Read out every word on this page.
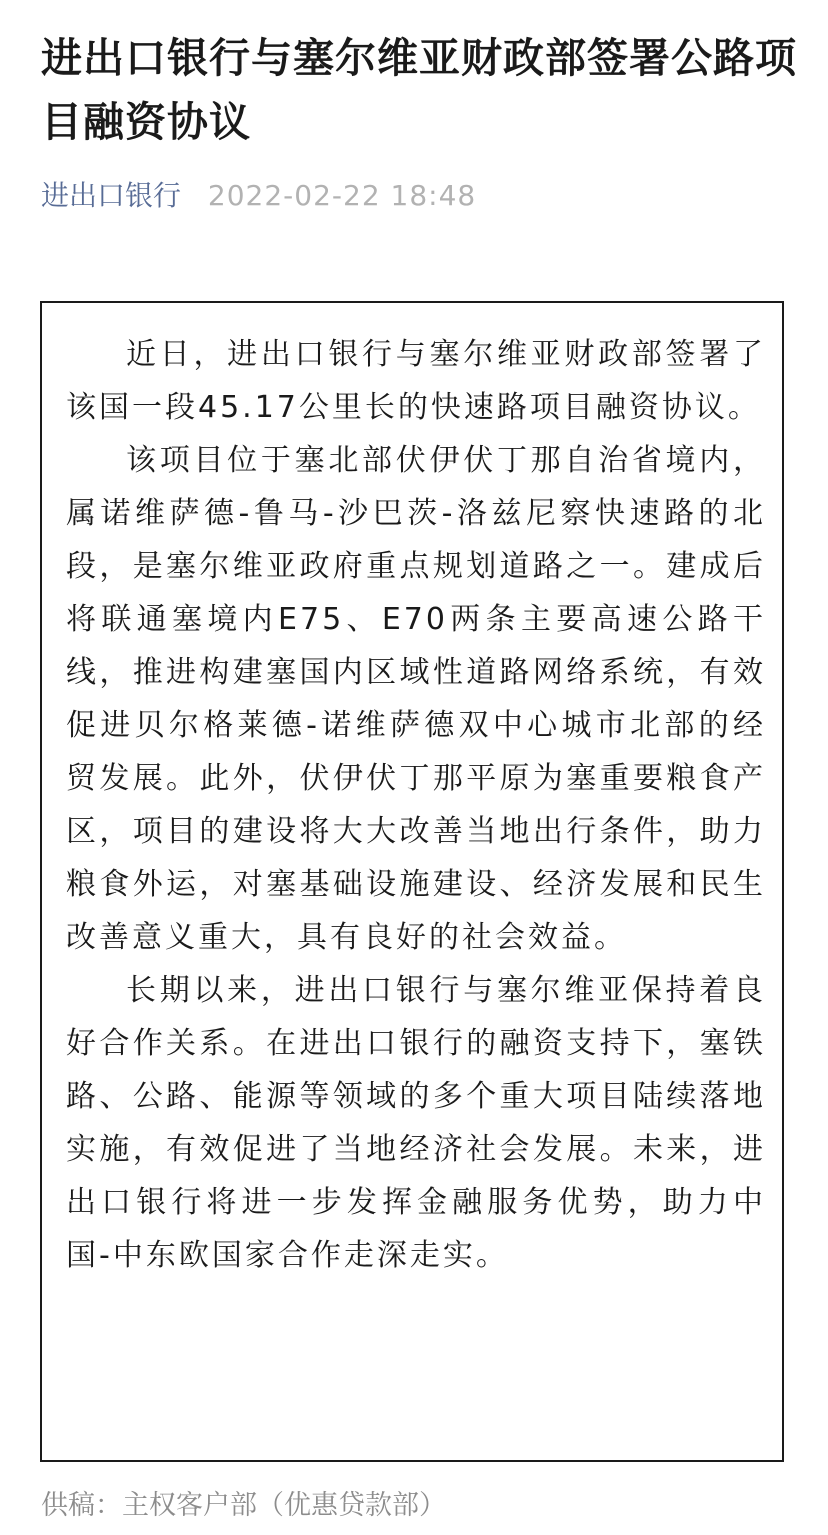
进出口银行与塞尔维亚财政部签署公路项目融资协议
进出口银行 2022-02-22 18:48

近日，进出口银行与塞尔维亚财政部签署了该国一段45.17公里长的快速路项目融资协议。

该项目位于塞北部伏伊伏丁那自治省境内，属诺维萨德-鲁马-沙巴茨-洛兹尼察快速路的北段，是塞尔维亚政府重点规划道路之一。建成后将联通塞境内E75、E70两条主要高速公路干线，推进构建塞国内区域性道路网络系统，有效促进贝尔格莱德-诺维萨德双中心城市北部的经贸发展。此外，伏伊伏丁那平原为塞重要粮食产区，项目的建设将大大改善当地出行条件，助力粮食外运，对塞基础设施建设、经济发展和民生改善意义重大，具有良好的社会效益。

长期以来，进出口银行与塞尔维亚保持着良好合作关系。在进出口银行的融资支持下，塞铁路、公路、能源等领域的多个重大项目陆续落地实施，有效促进了当地经济社会发展。未来，进出口银行将进一步发挥金融服务优势，助力中国-中东欧国家合作走深走实。

供稿：主权客户部（优惠贷款部）
